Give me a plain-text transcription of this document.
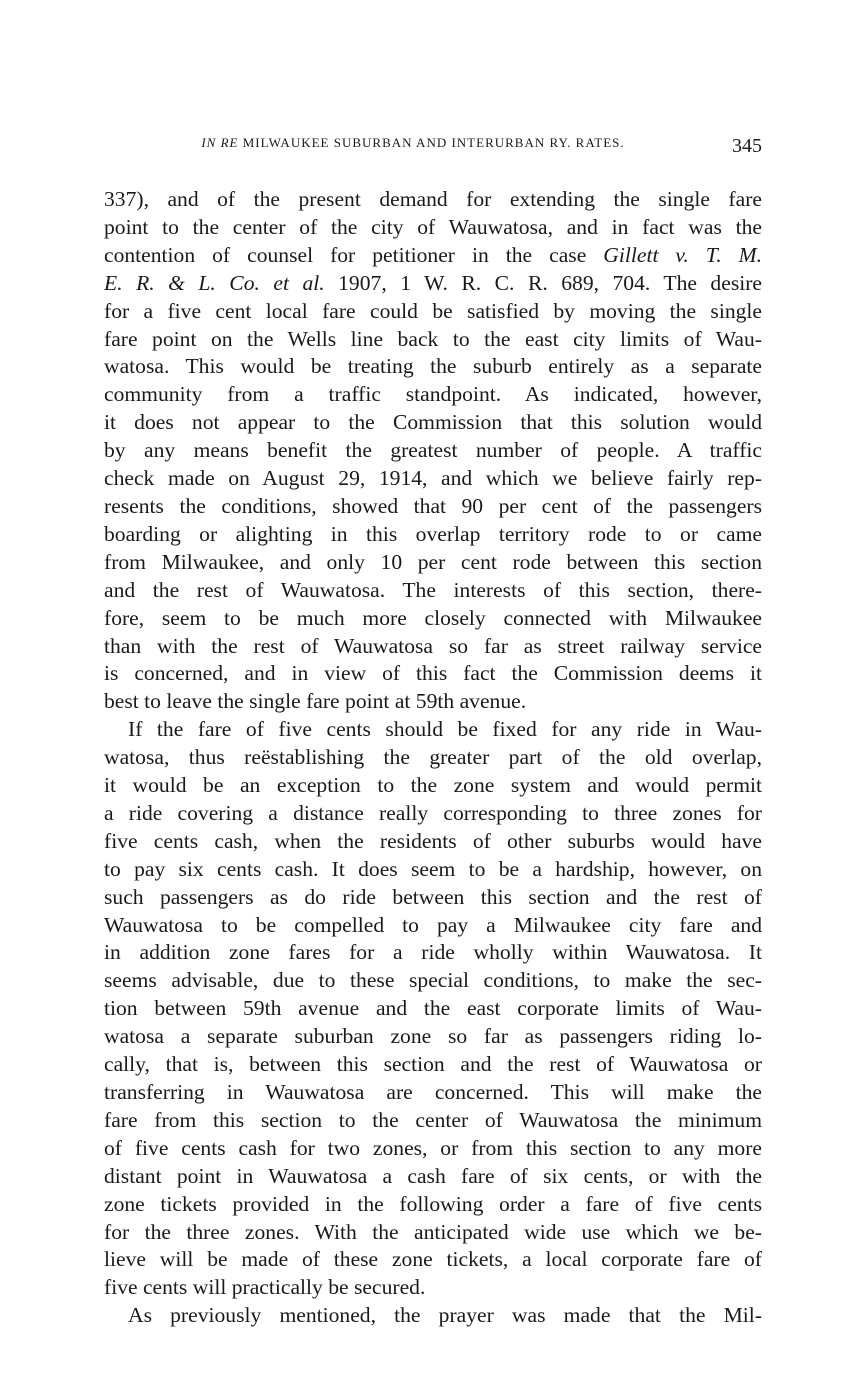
IN RE MILWAUKEE SUBURBAN AND INTERURBAN RY. RATES.	345

337), and of the present demand for extending the single fare
point to the center of the city of Wauwatosa, and in fact was the
contention of counsel for petitioner in the case Gillett v. T. M.
E. R. & L. Co. et al. 1907, 1 W. R. C. R. 689, 704. The desire
for a five cent local fare could be satisfied by moving the single
fare point on the Wells line back to the east city limits of Wau-
watosa. This would be treating the suburb entirely as a separate
community from a traffic standpoint. As indicated, however,
it does not appear to the Commission that this solution would
by any means benefit the greatest number of people. A traffic
check made on August 29, 1914, and which we believe fairly rep-
resents the conditions, showed that 90 per cent of the passengers
boarding or alighting in this overlap territory rode to or came
from Milwaukee, and only 10 per cent rode between this section
and the rest of Wauwatosa. The interests of this section, there-
fore, seem to be much more closely connected with Milwaukee
than with the rest of Wauwatosa so far as street railway service
is concerned, and in view of this fact the Commission deems it
best to leave the single fare point at 59th avenue.

If the fare of five cents should be fixed for any ride in Wau-
watosa, thus reëstablishing the greater part of the old overlap,
it would be an exception to the zone system and would permit
a ride covering a distance really corresponding to three zones for
five cents cash, when the residents of other suburbs would have
to pay six cents cash. It does seem to be a hardship, however, on
such passengers as do ride between this section and the rest of
Wauwatosa to be compelled to pay a Milwaukee city fare and
in addition zone fares for a ride wholly within Wauwatosa. It
seems advisable, due to these special conditions, to make the sec-
tion between 59th avenue and the east corporate limits of Wau-
watosa a separate suburban zone so far as passengers riding lo-
cally, that is, between this section and the rest of Wauwatosa or
transferring in Wauwatosa are concerned. This will make the
fare from this section to the center of Wauwatosa the minimum
of five cents cash for two zones, or from this section to any more
distant point in Wauwatosa a cash fare of six cents, or with the
zone tickets provided in the following order a fare of five cents
for the three zones. With the anticipated wide use which we be-
lieve will be made of these zone tickets, a local corporate fare of
five cents will practically be secured.

As previously mentioned, the prayer was made that the Mil-
